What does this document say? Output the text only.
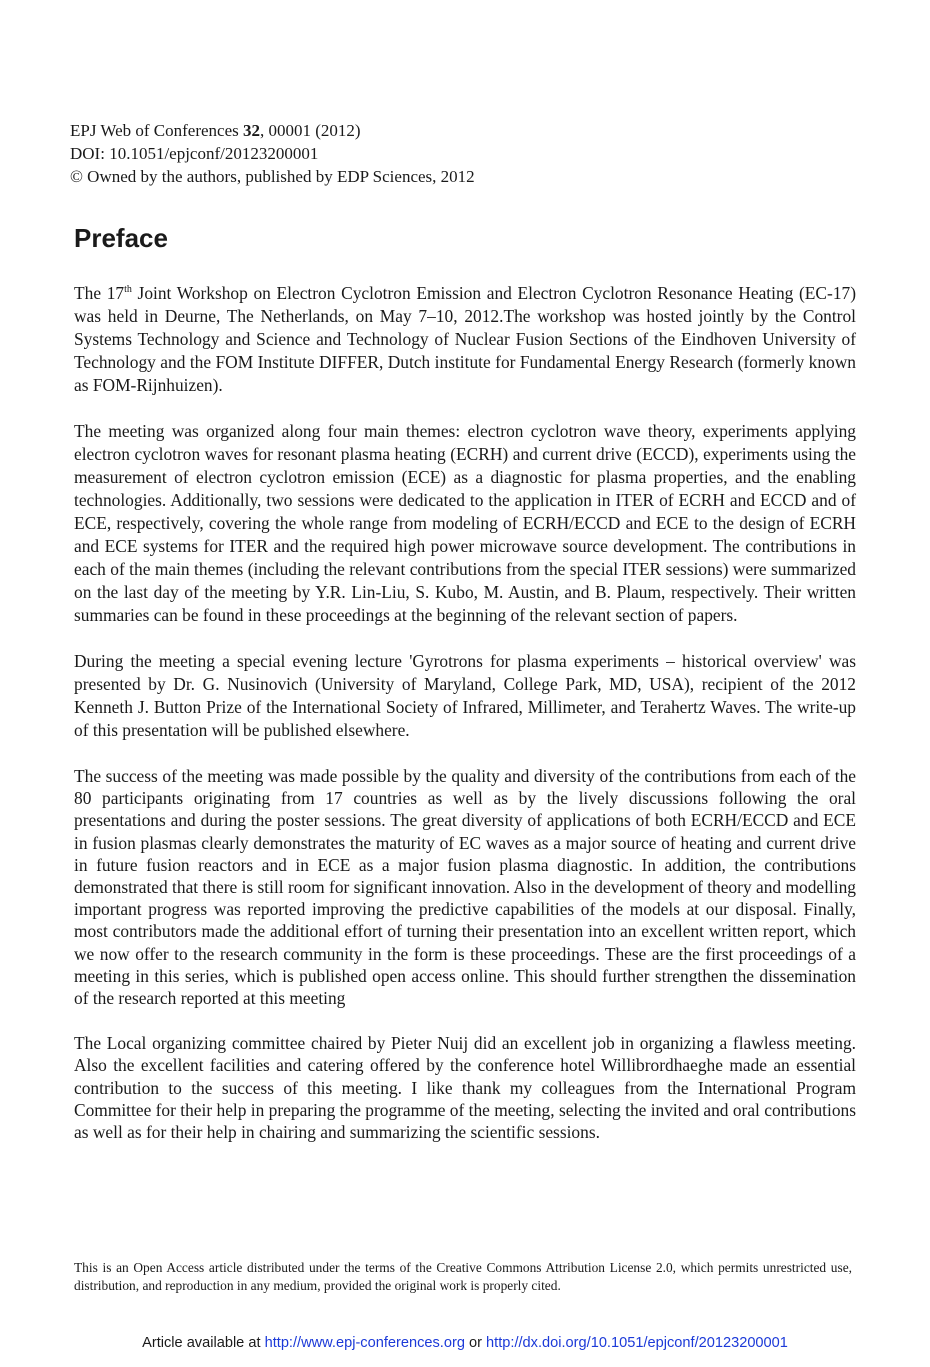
EPJ Web of Conferences 32, 00001 (2012)
DOI: 10.1051/epjconf/20123200001
© Owned by the authors, published by EDP Sciences, 2012
Preface

The 17th Joint Workshop on Electron Cyclotron Emission and Electron Cyclotron Resonance Heating (EC-17) was held in Deurne, The Netherlands, on May 7–10, 2012.The workshop was hosted jointly by the Control Systems Technology and Science and Technology of Nuclear Fusion Sections of the Eindhoven University of Technology and the FOM Institute DIFFER, Dutch institute for Fundamental Energy Research (formerly known as FOM-Rijnhuizen).

The meeting was organized along four main themes: electron cyclotron wave theory, experiments applying electron cyclotron waves for resonant plasma heating (ECRH) and current drive (ECCD), experiments using the measurement of electron cyclotron emission (ECE) as a diagnostic for plasma properties, and the enabling technologies. Additionally, two sessions were dedicated to the application in ITER of ECRH and ECCD and of ECE, respectively, covering the whole range from modeling of ECRH/ECCD and ECE to the design of ECRH and ECE systems for ITER and the required high power microwave source development. The contributions in each of the main themes (including the relevant contributions from the special ITER sessions) were summarized on the last day of the meeting by Y.R. Lin-Liu, S. Kubo, M. Austin, and B. Plaum, respectively. Their written summaries can be found in these proceedings at the beginning of the relevant section of papers.

During the meeting a special evening lecture 'Gyrotrons for plasma experiments – historical overview' was presented by Dr. G. Nusinovich (University of Maryland, College Park, MD, USA), recipient of the 2012 Kenneth J. Button Prize of the International Society of Infrared, Millimeter, and Terahertz Waves. The write-up of this presentation will be published elsewhere.

The success of the meeting was made possible by the quality and diversity of the contributions from each of the 80 participants originating from 17 countries as well as by the lively discussions following the oral presentations and during the poster sessions. The great diversity of applications of both ECRH/ECCD and ECE in fusion plasmas clearly demonstrates the maturity of EC waves as a major source of heating and current drive in future fusion reactors and in ECE as a major fusion plasma diagnostic. In addition, the contributions demonstrated that there is still room for significant innovation. Also in the development of theory and modelling important progress was reported improving the predictive capabilities of the models at our disposal. Finally, most contributors made the additional effort of turning their presentation into an excellent written report, which we now offer to the research community in the form is these proceedings. These are the first proceedings of a meeting in this series, which is published open access online. This should further strengthen the dissemination of the research reported at this meeting

The Local organizing committee chaired by Pieter Nuij did an excellent job in organizing a flawless meeting. Also the excellent facilities and catering offered by the conference hotel Willibrordhaeghe made an essential contribution to the success of this meeting. I like thank my colleagues from the International Program Committee for their help in preparing the programme of the meeting, selecting the invited and oral contributions as well as for their help in chairing and summarizing the scientific sessions.

This is an Open Access article distributed under the terms of the Creative Commons Attribution License 2.0, which permits unrestricted use, distribution, and reproduction in any medium, provided the original work is properly cited.
Article available at http://www.epj-conferences.org or http://dx.doi.org/10.1051/epjconf/20123200001
